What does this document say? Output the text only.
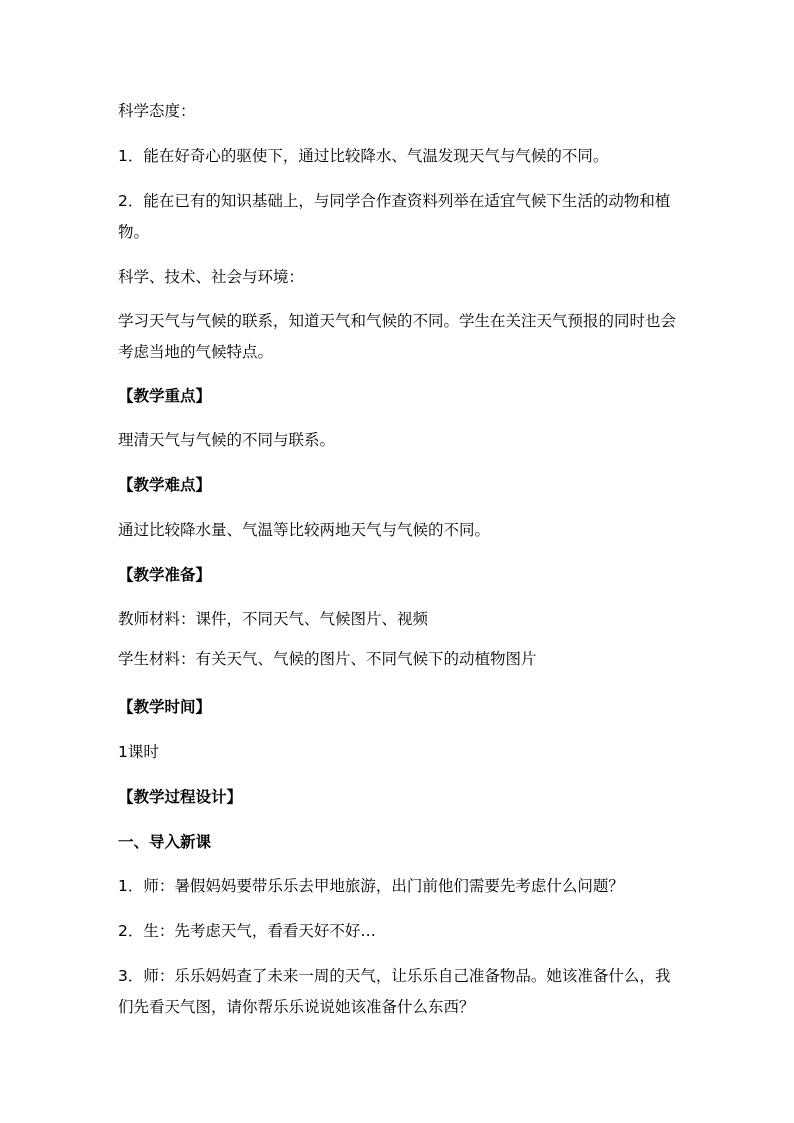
科学态度：
1．能在好奇心的驱使下，通过比较降水、气温发现天气与气候的不同。
2．能在已有的知识基础上，与同学合作查资料列举在适宜气候下生活的动物和植物。
科学、技术、社会与环境：
学习天气与气候的联系，知道天气和气候的不同。学生在关注天气预报的同时也会考虑当地的气候特点。
【教学重点】
理清天气与气候的不同与联系。
【教学难点】
通过比较降水量、气温等比较两地天气与气候的不同。
【教学准备】
教师材料：课件，不同天气、气候图片、视频
学生材料：有关天气、气候的图片、不同气候下的动植物图片
【教学时间】
1课时
【教学过程设计】
一、导入新课
1．师：暑假妈妈要带乐乐去甲地旅游，出门前他们需要先考虑什么问题？
2．生：先考虑天气，看看天好不好…
3．师：乐乐妈妈查了未来一周的天气，让乐乐自己准备物品。她该准备什么，我们先看天气图，请你帮乐乐说说她该准备什么东西？
